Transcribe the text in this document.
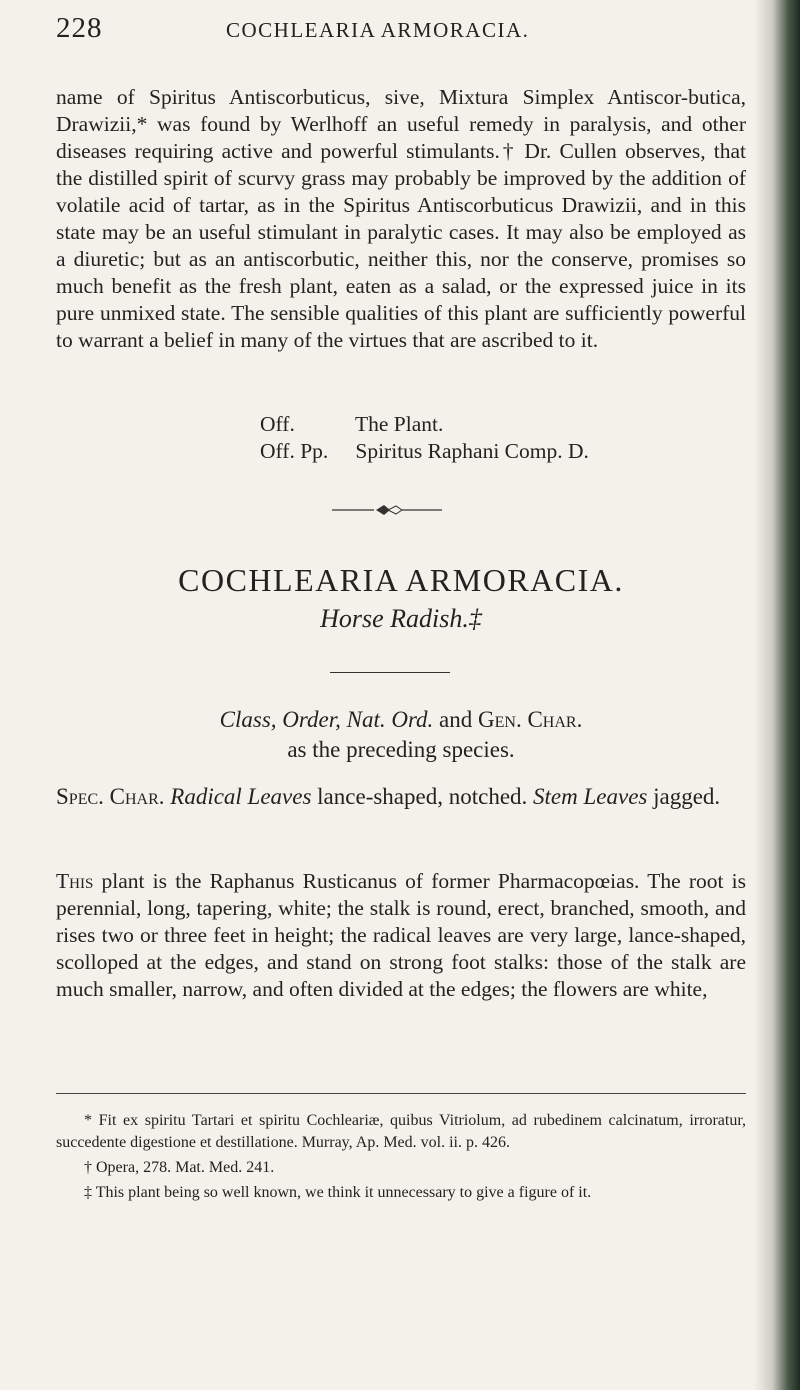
228	COCHLEARIA ARMORACIA.

name of Spiritus Antiscorbuticus, sive, Mixtura Simplex Antiscor-butica, Drawizii,* was found by Werlhoff an useful remedy in paralysis, and other diseases requiring active and powerful stimulants.† Dr. Cullen observes, that the distilled spirit of scurvy grass may probably be improved by the addition of volatile acid of tartar, as in the Spiritus Antiscorbuticus Drawizii, and in this state may be an useful stimulant in paralytic cases. It may also be employed as a diuretic; but as an antiscorbutic, neither this, nor the conserve, promises so much benefit as the fresh plant, eaten as a salad, or the expressed juice in its pure unmixed state. The sensible qualities of this plant are sufficiently powerful to warrant a belief in many of the virtues that are ascribed to it.

Off.	The Plant.
Off. Pp. Spiritus Raphani Comp. D.
COCHLEARIA ARMORACIA.
Horse Radish.‡
Class, Order, Nat. Ord. and Gen. Char.
as the preceding species.
Spec. Char. Radical Leaves lance-shaped, notched. Stem Leaves jagged.

This plant is the Raphanus Rusticanus of former Pharmacopœias. The root is perennial, long, tapering, white; the stalk is round, erect, branched, smooth, and rises two or three feet in height; the radical leaves are very large, lance-shaped, scolloped at the edges, and stand on strong foot stalks: those of the stalk are much smaller, narrow, and often divided at the edges; the flowers are white,

* Fit ex spiritu Tartari et spiritu Cochleariæ, quibus Vitriolum, ad rubedinem calcinatum, irroratur, succedente digestione et destillatione. Murray, Ap. Med. vol. ii. p. 426.

† Opera, 278. Mat. Med. 241.

‡ This plant being so well known, we think it unnecessary to give a figure of it.
